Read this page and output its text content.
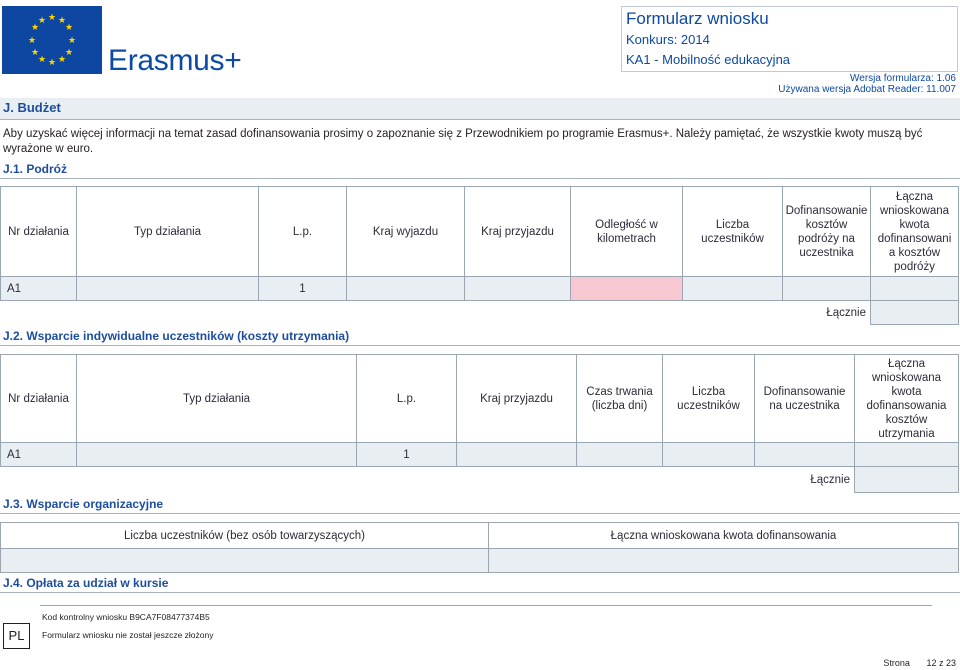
★ ★
★
★
★
★
★
★
★
★
★
★
Erasmus+
Formularz wniosku
Konkurs: 2014
KA1 - Mobilność edukacyjna
Wersja formularza: 1.06
Używana wersja Adobat Reader: 11.007
J. Budżet
Aby uzyskać więcej informacji na temat zasad dofinansowania prosimy o zapoznanie się z Przewodnikiem po programie Erasmus+. Należy pamiętać, że wszystkie kwoty muszą być wyrażone w euro.
J.1. Podróż
Nr działania	Typ działania	L.p.	Kraj wyjazdu	Kraj przyjazdu	Odległość w kilometrach	Liczba uczestników	Dofinansowanie kosztów podróży na uczestnika	Łączna wnioskowana kwota dofinansowani a kosztów podróży
A1		1						
							Łącznie	
J.2. Wsparcie indywidualne uczestników (koszty utrzymania)
Nr działania	Typ działania	L.p.	Kraj przyjazdu	Czas trwania (liczba dni)	Liczba uczestników	Dofinansowanie na uczestnika	Łączna wnioskowana kwota dofinansowania kosztów utrzymania
A1		1					
						Łącznie	
J.3. Wsparcie organizacyjne
Liczba uczestników (bez osób towarzyszących)	Łączna wnioskowana kwota dofinansowania

J.4. Opłata za udział w kursie
PL
Kod kontrolny wniosku B9CA7F08477374B5
Formularz wniosku nie został jeszcze złożony
Strona 12 z 23
